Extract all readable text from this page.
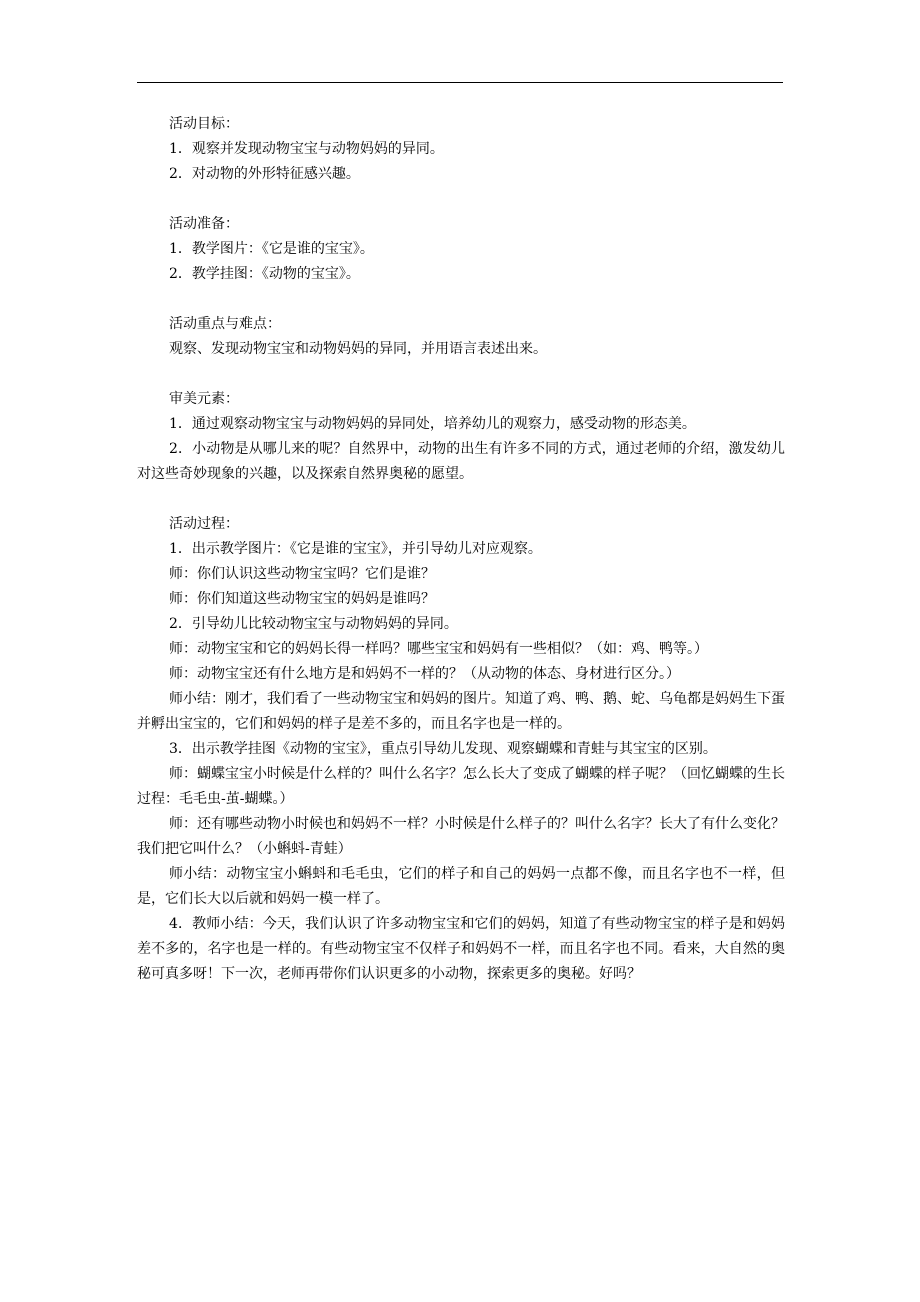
活动目标：

1．观察并发现动物宝宝与动物妈妈的异同。

2．对动物的外形特征感兴趣。

活动准备：

1．教学图片：《它是谁的宝宝》。

2．教学挂图：《动物的宝宝》。

活动重点与难点：

观察、发现动物宝宝和动物妈妈的异同，并用语言表述出来。

审美元素：

1．通过观察动物宝宝与动物妈妈的异同处，培养幼儿的观察力，感受动物的形态美。

2．小动物是从哪儿来的呢？自然界中，动物的出生有许多不同的方式，通过老师的介绍，激发幼儿对这些奇妙现象的兴趣，以及探索自然界奥秘的愿望。

活动过程：

1．出示教学图片：《它是谁的宝宝》，并引导幼儿对应观察。

师：你们认识这些动物宝宝吗？它们是谁？

师：你们知道这些动物宝宝的妈妈是谁吗？

2．引导幼儿比较动物宝宝与动物妈妈的异同。

师：动物宝宝和它的妈妈长得一样吗？哪些宝宝和妈妈有一些相似？（如：鸡、鸭等。）

师：动物宝宝还有什么地方是和妈妈不一样的？（从动物的体态、身材进行区分。）

师小结：刚才，我们看了一些动物宝宝和妈妈的图片。知道了鸡、鸭、鹅、蛇、乌龟都是妈妈生下蛋并孵出宝宝的，它们和妈妈的样子是差不多的，而且名字也是一样的。

3．出示教学挂图《动物的宝宝》，重点引导幼儿发现、观察蝴蝶和青蛙与其宝宝的区别。

师：蝴蝶宝宝小时候是什么样的？叫什么名字？怎么长大了变成了蝴蝶的样子呢？（回忆蝴蝶的生长过程：毛毛虫-茧-蝴蝶。）

师：还有哪些动物小时候也和妈妈不一样？小时候是什么样子的？叫什么名字？长大了有什么变化？我们把它叫什么？（小蝌蚪-青蛙）

师小结：动物宝宝小蝌蚪和毛毛虫，它们的样子和自己的妈妈一点都不像，而且名字也不一样，但是，它们长大以后就和妈妈一模一样了。

4．教师小结：今天，我们认识了许多动物宝宝和它们的妈妈，知道了有些动物宝宝的样子是和妈妈差不多的，名字也是一样的。有些动物宝宝不仅样子和妈妈不一样，而且名字也不同。看来，大自然的奥秘可真多呀！下一次，老师再带你们认识更多的小动物，探索更多的奥秘。好吗？
